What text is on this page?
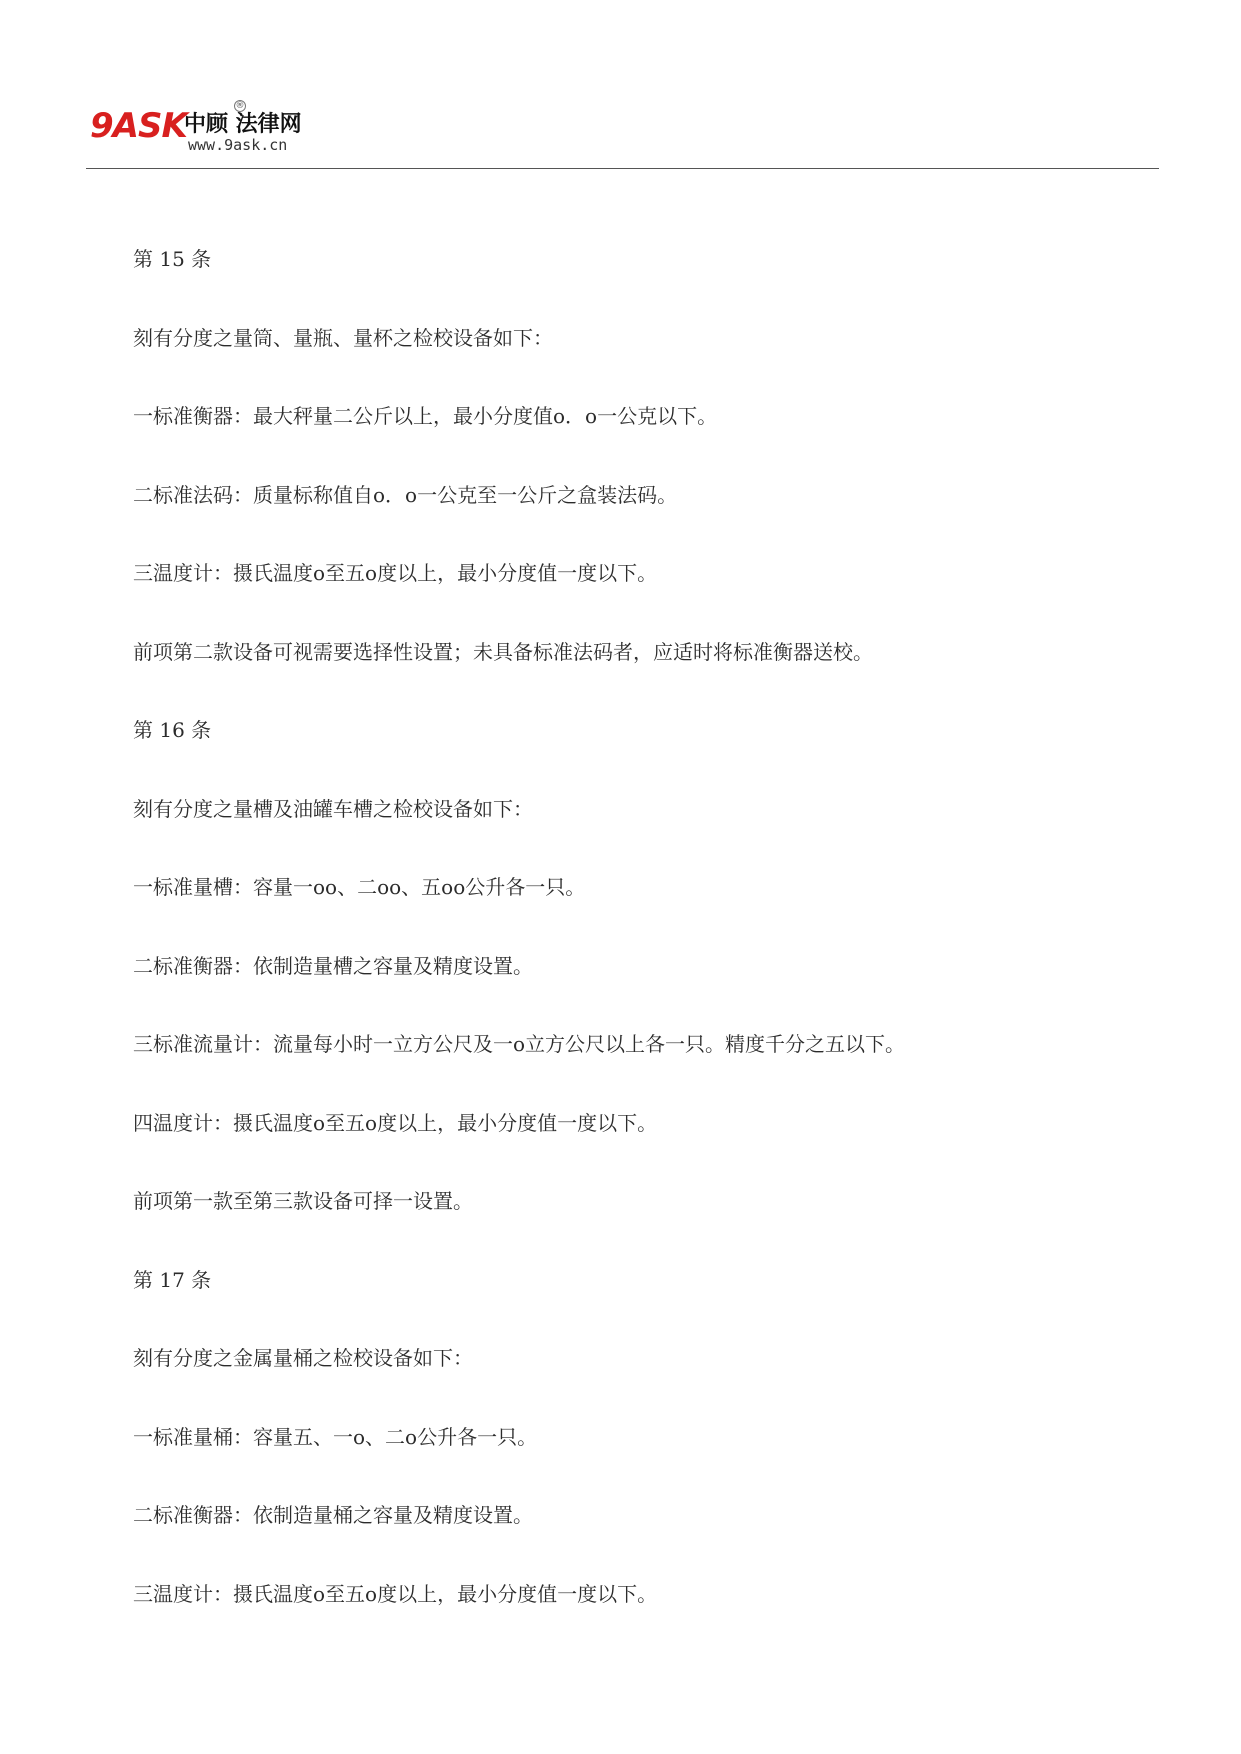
9ASK
中顾 法律网
®
www.9ask.cn
第 15 条
刻有分度之量筒、量瓶、量杯之检校设备如下：
一标准衡器：最大秤量二公斤以上，最小分度值o．o一公克以下。
二标准法码：质量标称值自o．o一公克至一公斤之盒装法码。
三温度计：摄氏温度o至五o度以上，最小分度值一度以下。
前项第二款设备可视需要选择性设置；未具备标准法码者，应适时将标准衡器送校。
第 16 条
刻有分度之量槽及油罐车槽之检校设备如下：
一标准量槽：容量一oo、二oo、五oo公升各一只。
二标准衡器：依制造量槽之容量及精度设置。
三标准流量计：流量每小时一立方公尺及一o立方公尺以上各一只。精度千分之五以下。
四温度计：摄氏温度o至五o度以上，最小分度值一度以下。
前项第一款至第三款设备可择一设置。
第 17 条
刻有分度之金属量桶之检校设备如下：
一标准量桶：容量五、一o、二o公升各一只。
二标准衡器：依制造量桶之容量及精度设置。
三温度计：摄氏温度o至五o度以上，最小分度值一度以下。
